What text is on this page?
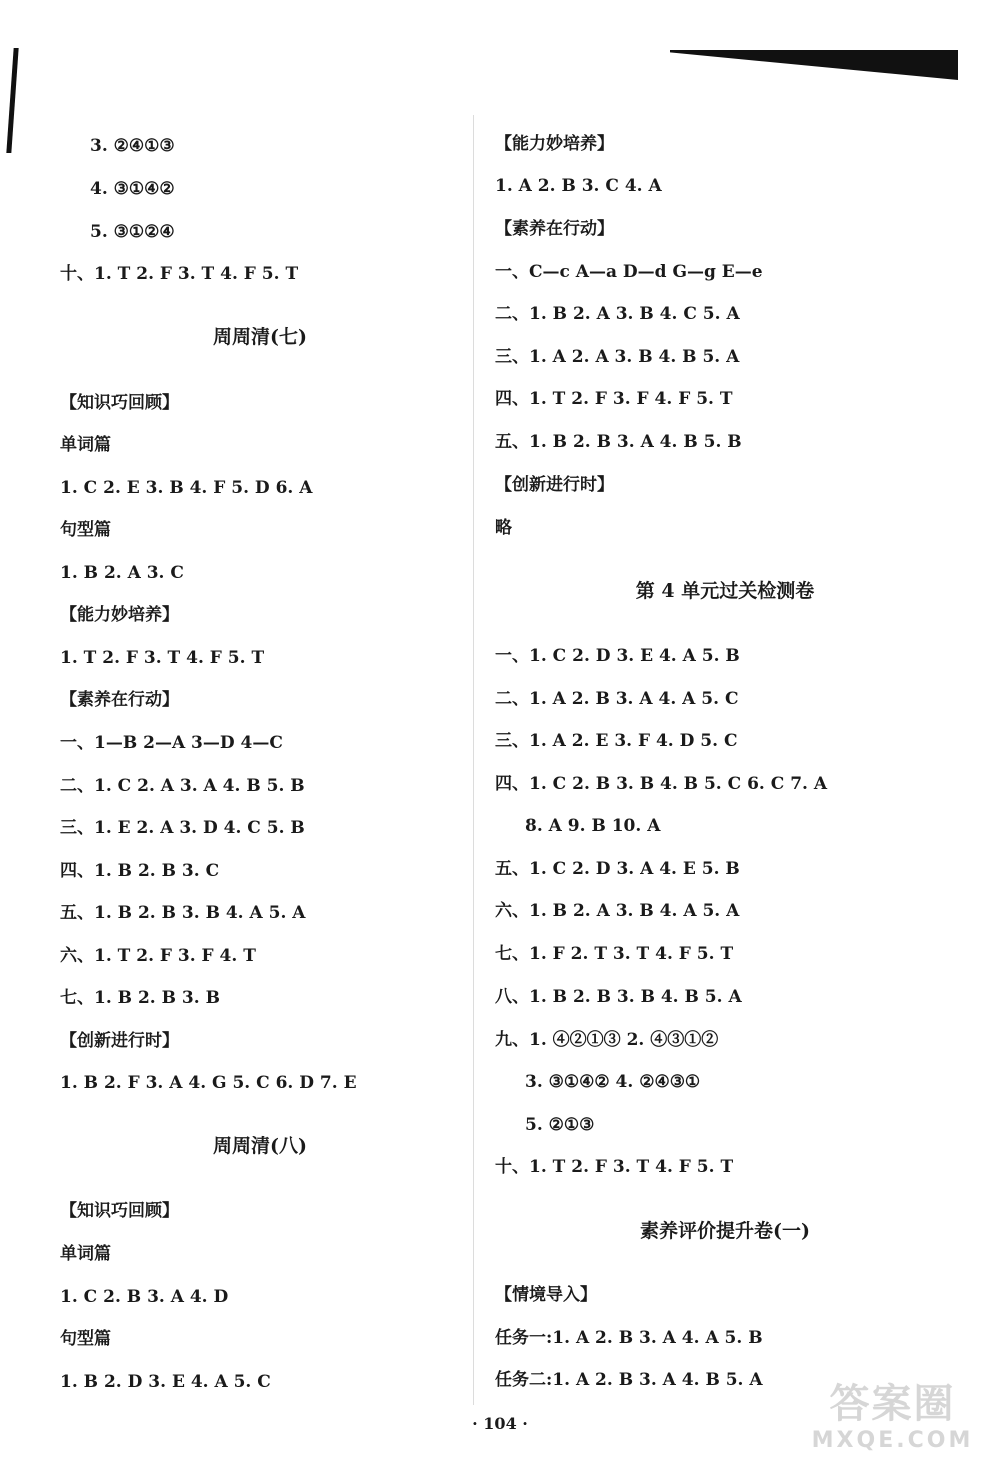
3. ②④①③
4. ③①④②
5. ③①②④
十、1. T 2. F 3. T 4. F 5. T
周周清(七)
【知识巧回顾】
单词篇
1. C 2. E 3. B 4. F 5. D 6. A
句型篇
1. B 2. A 3. C
【能力妙培养】
1. T 2. F 3. T 4. F 5. T
【素养在行动】
一、1—B 2—A 3—D 4—C
二、1. C 2. A 3. A 4. B 5. B
三、1. E 2. A 3. D 4. C 5. B
四、1. B 2. B 3. C
五、1. B 2. B 3. B 4. A 5. A
六、1. T 2. F 3. F 4. T
七、1. B 2. B 3. B
【创新进行时】
1. B 2. F 3. A 4. G 5. C 6. D 7. E
周周清(八)
【知识巧回顾】
单词篇
1. C 2. B 3. A 4. D
句型篇
1. B 2. D 3. E 4. A 5. C
【能力妙培养】
1. A 2. B 3. C 4. A
【素养在行动】
一、C—c A—a D—d G—g E—e
二、1. B 2. A 3. B 4. C 5. A
三、1. A 2. A 3. B 4. B 5. A
四、1. T 2. F 3. F 4. F 5. T
五、1. B 2. B 3. A 4. B 5. B
【创新进行时】
略
第 4 单元过关检测卷
一、1. C 2. D 3. E 4. A 5. B
二、1. A 2. B 3. A 4. A 5. C
三、1. A 2. E 3. F 4. D 5. C
四、1. C 2. B 3. B 4. B 5. C 6. C 7. A
8. A 9. B 10. A
五、1. C 2. D 3. A 4. E 5. B
六、1. B 2. A 3. B 4. A 5. A
七、1. F 2. T 3. T 4. F 5. T
八、1. B 2. B 3. B 4. B 5. A
九、1. ④②①③ 2. ④③①②
3. ③①④② 4. ②④③①
5. ②①③
十、1. T 2. F 3. T 4. F 5. T
素养评价提升卷(一)
【情境导入】
任务一:1. A 2. B 3. A 4. A 5. B
任务二:1. A 2. B 3. A 4. B 5. A
· 104 ·	答案圈
MXQE.COM
